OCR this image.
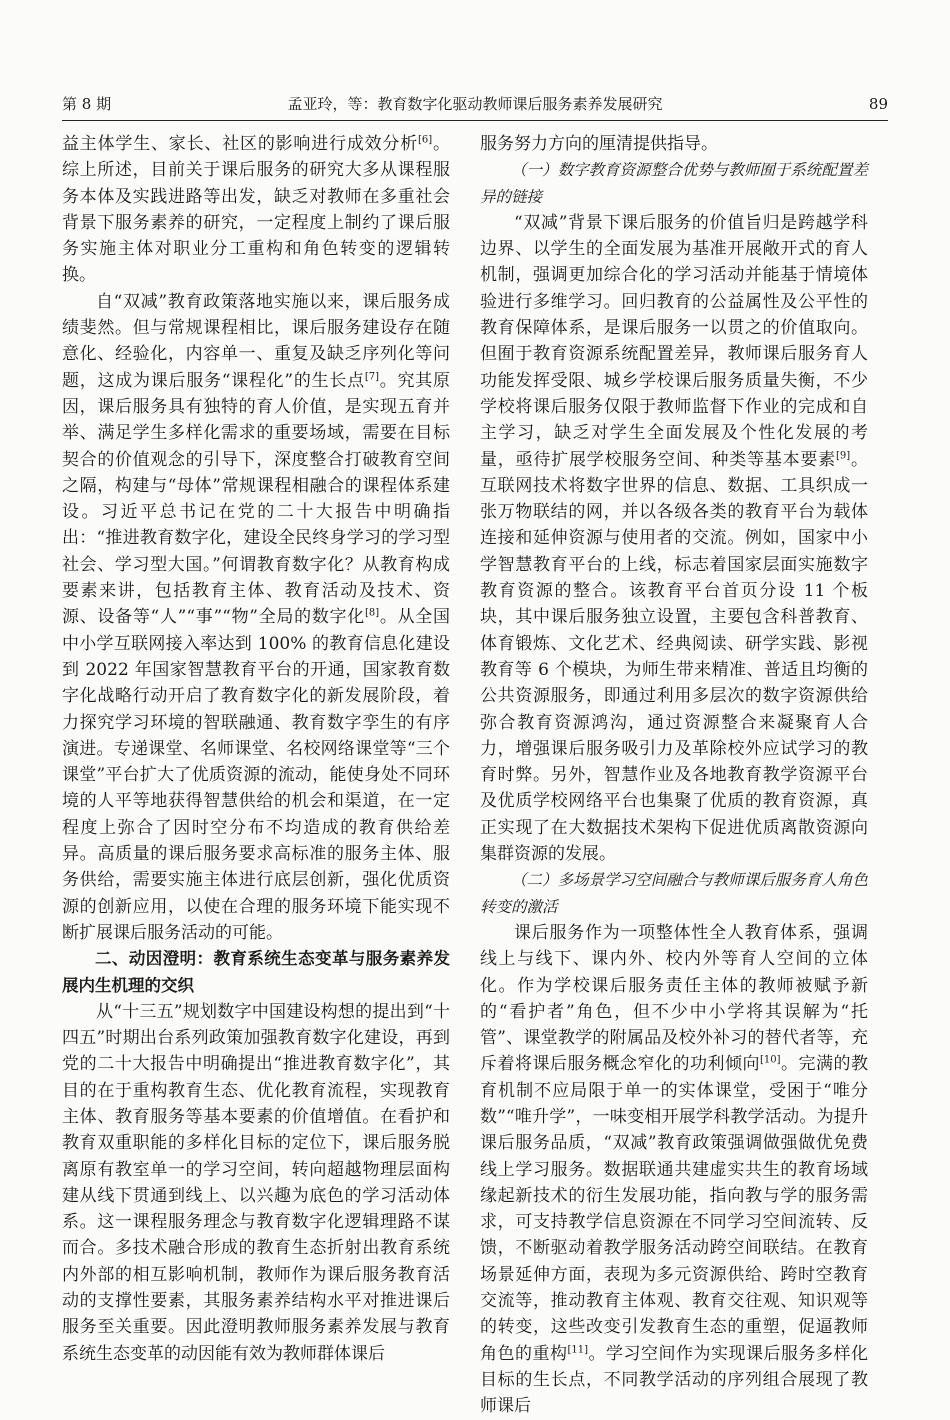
第 8 期	孟亚玲，等：教育数字化驱动教师课后服务素养发展研究	89

益主体学生、家长、社区的影响进行成效分析[6]。综上所述，目前关于课后服务的研究大多从课程服务本体及实践进路等出发，缺乏对教师在多重社会背景下服务素养的研究，一定程度上制约了课后服务实施主体对职业分工重构和角色转变的逻辑转换。

自“双减”教育政策落地实施以来，课后服务成绩斐然。但与常规课程相比，课后服务建设存在随意化、经验化，内容单一、重复及缺乏序列化等问题，这成为课后服务“课程化”的生长点[7]。究其原因，课后服务具有独特的育人价值，是实现五育并举、满足学生多样化需求的重要场域，需要在目标契合的价值观念的引导下，深度整合打破教育空间之隔，构建与“母体”常规课程相融合的课程体系建设。习近平总书记在党的二十大报告中明确指出：“推进教育数字化，建设全民终身学习的学习型社会、学习型大国。”何谓教育数字化？从教育构成要素来讲，包括教育主体、教育活动及技术、资源、设备等“人”“事”“物”全局的数字化[8]。从全国中小学互联网接入率达到 100% 的教育信息化建设到 2022 年国家智慧教育平台的开通，国家教育数字化战略行动开启了教育数字化的新发展阶段，着力探究学习环境的智联融通、教育数字孪生的有序演进。专递课堂、名师课堂、名校网络课堂等“三个课堂”平台扩大了优质资源的流动，能使身处不同环境的人平等地获得智慧供给的机会和渠道，在一定程度上弥合了因时空分布不均造成的教育供给差异。高质量的课后服务要求高标准的服务主体、服务供给，需要实施主体进行底层创新，强化优质资源的创新应用，以使在合理的服务环境下能实现不断扩展课后服务活动的可能。

二、动因澄明：教育系统生态变革与服务素养发展内生机理的交织

从“十三五”规划数字中国建设构想的提出到“十四五”时期出台系列政策加强教育数字化建设，再到党的二十大报告中明确提出“推进教育数字化”，其目的在于重构教育生态、优化教育流程，实现教育主体、教育服务等基本要素的价值增值。在看护和教育双重职能的多样化目标的定位下，课后服务脱离原有教室单一的学习空间，转向超越物理层面构建从线下贯通到线上、以兴趣为底色的学习活动体系。这一课程服务理念与教育数字化逻辑理路不谋而合。多技术融合形成的教育生态折射出教育系统内外部的相互影响机制，教师作为课后服务教育活动的支撑性要素，其服务素养结构水平对推进课后服务至关重要。因此澄明教师服务素养发展与教育系统生态变革的动因能有效为教师群体课后

服务努力方向的厘清提供指导。

（一）数字教育资源整合优势与教师囿于系统配置差异的链接

“双减”背景下课后服务的价值旨归是跨越学科边界、以学生的全面发展为基准开展敞开式的育人机制，强调更加综合化的学习活动并能基于情境体验进行多维学习。回归教育的公益属性及公平性的教育保障体系，是课后服务一以贯之的价值取向。但囿于教育资源系统配置差异，教师课后服务育人功能发挥受限、城乡学校课后服务质量失衡，不少学校将课后服务仅限于教师监督下作业的完成和自主学习，缺乏对学生全面发展及个性化发展的考量，亟待扩展学校服务空间、种类等基本要素[9]。互联网技术将数字世界的信息、数据、工具织成一张万物联结的网，并以各级各类的教育平台为载体连接和延伸资源与使用者的交流。例如，国家中小学智慧教育平台的上线，标志着国家层面实施数字教育资源的整合。该教育平台首页分设 11 个板块，其中课后服务独立设置，主要包含科普教育、体育锻炼、文化艺术、经典阅读、研学实践、影视教育等 6 个模块，为师生带来精准、普适且均衡的公共资源服务，即通过利用多层次的数字资源供给弥合教育资源鸿沟，通过资源整合来凝聚育人合力，增强课后服务吸引力及革除校外应试学习的教育时弊。另外，智慧作业及各地教育教学资源平台及优质学校网络平台也集聚了优质的教育资源，真正实现了在大数据技术架构下促进优质离散资源向集群资源的发展。

（二）多场景学习空间融合与教师课后服务育人角色转变的激活

课后服务作为一项整体性全人教育体系，强调线上与线下、课内外、校内外等育人空间的立体化。作为学校课后服务责任主体的教师被赋予新的“看护者”角色，但不少中小学将其误解为“托管”、课堂教学的附属品及校外补习的替代者等，充斥着将课后服务概念窄化的功利倾向[10]。完满的教育机制不应局限于单一的实体课堂，受困于“唯分数”“唯升学”，一味变相开展学科教学活动。为提升课后服务品质，“双减”教育政策强调做强做优免费线上学习服务。数据联通共建虚实共生的教育场域缘起新技术的衍生发展功能，指向教与学的服务需求，可支持教学信息资源在不同学习空间流转、反馈，不断驱动着教学服务活动跨空间联结。在教育场景延伸方面，表现为多元资源供给、跨时空教育交流等，推动教育主体观、教育交往观、知识观等的转变，这些改变引发教育生态的重塑，促逼教师角色的重构[11]。学习空间作为实现课后服务多样化目标的生长点，不同教学活动的序列组合展现了教师课后
